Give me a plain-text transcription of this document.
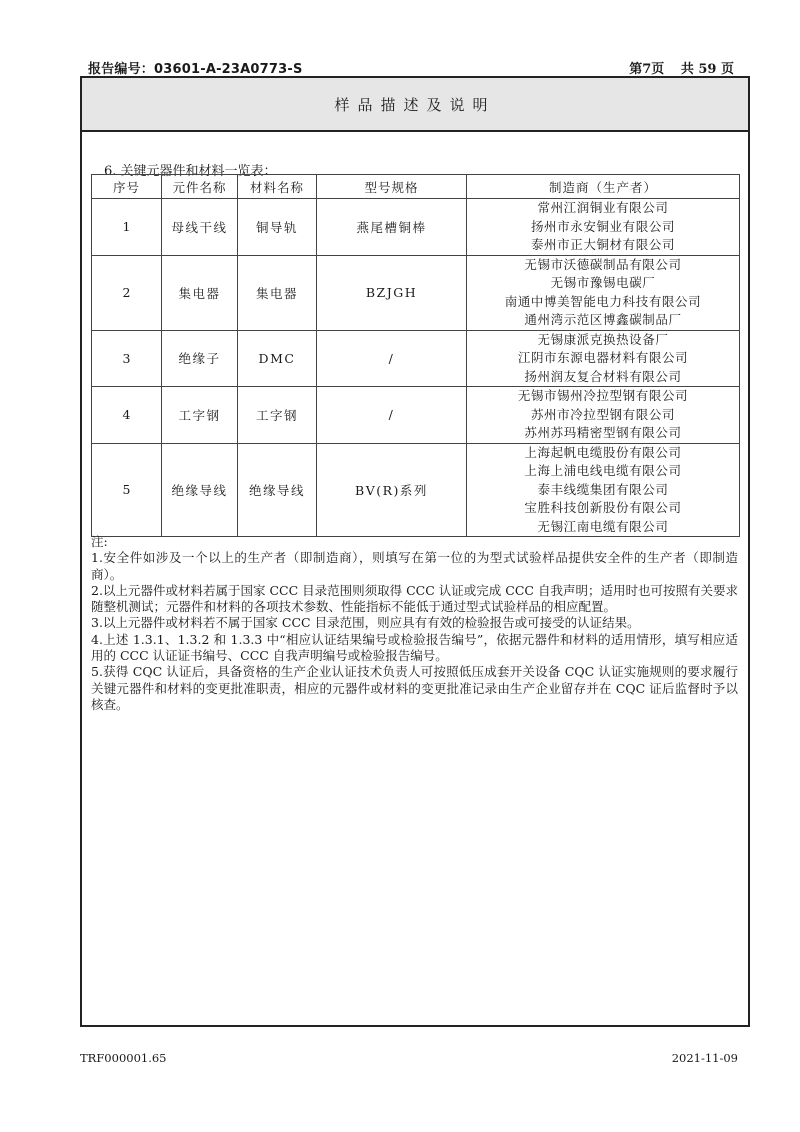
报告编号：03601-A-23A0773-S	第7页 共 59 页
样品描述及说明
6. 关键元器件和材料一览表：
序号	元件名称	材料名称	型号规格	制造商（生产者）
1	母线干线	铜导轨	燕尾槽铜棒	常州江润铜业有限公司
扬州市永安铜业有限公司
泰州市正大铜材有限公司

2	集电器	集电器	BZJGH	无锡市沃德碳制品有限公司
无锡市豫锡电碳厂
南通中博美智能电力科技有限公司
通州湾示范区博鑫碳制品厂

3	绝缘子	DMC	/	无锡康派克换热设备厂
江阴市东源电器材料有限公司
扬州润友复合材料有限公司

4	工字钢	工字钢	/	无锡市锡州冷拉型钢有限公司
苏州市冷拉型钢有限公司
苏州苏玛精密型钢有限公司

5	绝缘导线	绝缘导线	BV(R)系列	上海起帆电缆股份有限公司
上海上浦电线电缆有限公司
泰丰线缆集团有限公司
宝胜科技创新股份有限公司
无锡江南电缆有限公司

注:

1.安全件如涉及一个以上的生产者（即制造商），则填写在第一位的为型式试验样品提供安全件的生产者（即制造商）。

2.以上元器件或材料若属于国家 CCC 目录范围则须取得 CCC 认证或完成 CCC 自我声明；适用时也可按照有关要求随整机测试；元器件和材料的各项技术参数、性能指标不能低于通过型式试验样品的相应配置。

3.以上元器件或材料若不属于国家 CCC 目录范围，则应具有有效的检验报告或可接受的认证结果。

4.上述 1.3.1、1.3.2 和 1.3.3 中“相应认证结果编号或检验报告编号”，依据元器件和材料的适用情形，填写相应适用的 CCC 认证证书编号、CCC 自我声明编号或检验报告编号。

5.获得 CQC 认证后，具备资格的生产企业认证技术负责人可按照低压成套开关设备 CQC 认证实施规则的要求履行关键元器件和材料的变更批准职责，相应的元器件或材料的变更批准记录由生产企业留存并在 CQC 证后监督时予以核查。

TRF000001.65	2021-11-09
